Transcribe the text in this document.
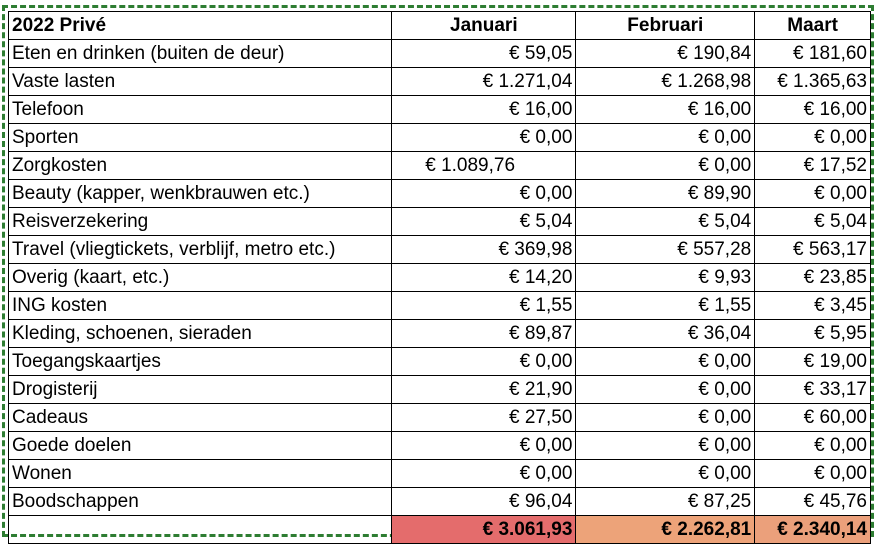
2022 Privé	Januari	Februari	Maart
Eten en drinken (buiten de deur)	€ 59,05	€ 190,84	€ 181,60
Vaste lasten	€ 1.271,04	€ 1.268,98	€ 1.365,63
Telefoon	€ 16,00	€ 16,00	€ 16,00
Sporten	€ 0,00	€ 0,00	€ 0,00
Zorgkosten	€ 1.089,76	€ 0,00	€ 17,52
Beauty (kapper, wenkbrauwen etc.)	€ 0,00	€ 89,90	€ 0,00
Reisverzekering	€ 5,04	€ 5,04	€ 5,04
Travel (vliegtickets, verblijf, metro etc.)	€ 369,98	€ 557,28	€ 563,17
Overig (kaart, etc.)	€ 14,20	€ 9,93	€ 23,85
ING kosten	€ 1,55	€ 1,55	€ 3,45
Kleding, schoenen, sieraden	€ 89,87	€ 36,04	€ 5,95
Toegangskaartjes	€ 0,00	€ 0,00	€ 19,00
Drogisterij	€ 21,90	€ 0,00	€ 33,17
Cadeaus	€ 27,50	€ 0,00	€ 60,00
Goede doelen	€ 0,00	€ 0,00	€ 0,00
Wonen	€ 0,00	€ 0,00	€ 0,00
Boodschappen	€ 96,04	€ 87,25	€ 45,76
	€ 3.061,93	€ 2.262,81	€ 2.340,14
